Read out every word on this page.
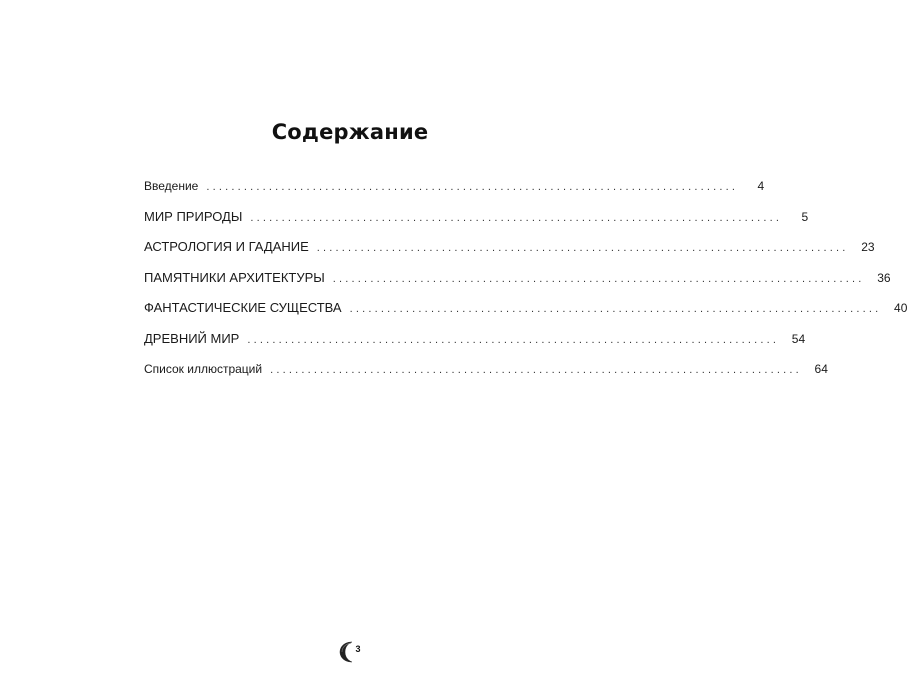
Содержание
Введение .....................................................................................	4
МИР ПРИРОДЫ .....................................................................................	5
АСТРОЛОГИЯ И ГАДАНИЕ .....................................................................................	23
ПАМЯТНИКИ АРХИТЕКТУРЫ .....................................................................................	36
ФАНТАСТИЧЕСКИЕ СУЩЕСТВА .....................................................................................	40
ДРЕВНИЙ МИР .....................................................................................	54
Список иллюстраций .....................................................................................	64
3
